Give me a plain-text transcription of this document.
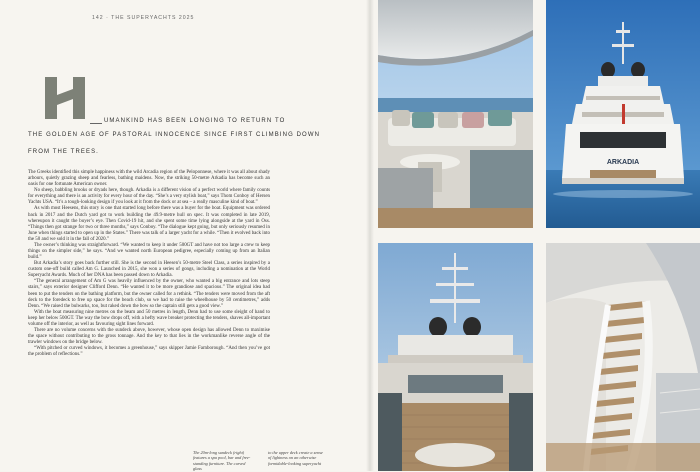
142 · THE SUPERYACHTS 2025
UMANKIND HAS BEEN LONGING TO RETURN TO
THE GOLDEN AGE OF PASTORAL INNOCENCE SINCE FIRST CLIMBING DOWN
FROM THE TREES.

The Greeks identified this simple happiness with the wild Arcadia region of the Peloponnese, where it was all about shady arbours, quietly grazing sheep and fearless, bathing maidens. Now, the striking 50-metre Arkadia has become such an oasis for one fortunate American owner.

No sheep, babbling brooks or dryads here, though. Arkadia is a different vision of a perfect world where family counts for everything and there is an activity for every hour of the day. “She’s a very stylish boat,” says Thom Conboy of Hersen Yachts USA. “It’s a tough-looking design if you look at it from the dock or at sea – a really masculine kind of boat.”

As with most Heesens, this story is one that started long before there was a buyer for the boat. Equipment was ordered back in 2017 and the Dutch yard got to work building the 49.9-metre hull on spec. It was completed in late 2019, whereupon it caught the buyer’s eye. Then Covid-19 hit, and she spent some time lying alongside at the yard in Oss. “Things then got strange for two or three months,” says Conboy. “The dialogue kept going, but only seriously resumed in June when things started to open up in the States.” There was talk of a larger yacht for a while. “Then it evolved back into the 50 and we sold it in the fall of 2020.”

The owner’s thinking was straightforward. “We wanted to keep it under 500GT and have not too large a crew to keep things on the simpler side,” he says. “And we wanted north European pedigree, especially coming up from an Italian build.”

But Arkadia’s story goes back further still. She is the second in Heesen’s 50-metre Steel Class, a series inspired by a custom one-off build called Am G. Launched in 2015, she won a series of gongs, including a nomination at the World Superyacht Awards. Much of her DNA has been passed down to Arkadia.

“The general arrangement of Am G was heavily influenced by the owner, who wanted a big entrance and lots steep stairs,” says exterior designer Clifford Denn. “He wanted it to be more grandiose and spacious.” The original idea had been to put the tenders on the bathing platform, but the owner called for a rethink. “The tenders were moved from the aft deck to the foredeck to free up space for the beach club, so we had to raise the wheelhouse by 50 centimetres,” adds Denn. “We raised the bulwarks, too, but raked down the bow so the captain still gets a good view.”

With the boat measuring nine metres on the beam and 50 metres in length, Denn had to use some sleight of hand to keep her below 500GT. The way the bow drops off, with a hefty wave breaker protecting the tenders, shaves all-important volume off the interior, as well as favouring sight lines forward.

There are no volume concerns with the sundeck above, however, whose open design has allowed Denn to maximise the space without contributing to the gross tonnage. And the key to that lies in the workmanlike reverse angle of the trawler windows on the bridge below.

“With pitched or curved windows, it becomes a greenhouse,” says skipper Jamie Farnborough. “And then you’ve got the problem of reflections.”

The 20m-long sundeck (right) features a spa pool, bar and free-standing furniture. The curved glass
to the upper deck create a sense of lightness on an otherwise formidable-looking superyacht
ARKADIA
